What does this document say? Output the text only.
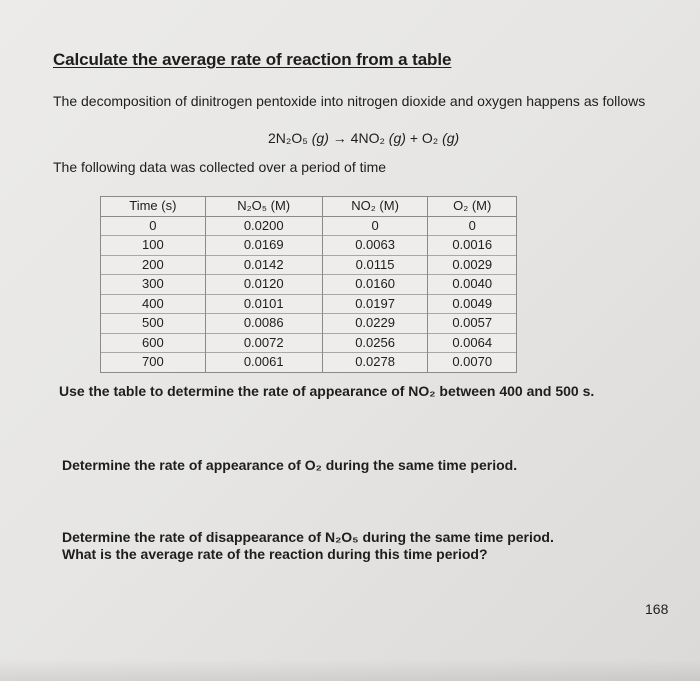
Calculate the average rate of reaction from a table
The decomposition of dinitrogen pentoxide into nitrogen dioxide and oxygen happens as follows
2N₂O₅ (g) → 4NO₂ (g) + O₂ (g)
The following data was collected over a period of time
Time (s)	N₂O₅ (M)	NO₂ (M)	O₂ (M)
0	0.0200	0	0
100	0.0169	0.0063	0.0016
200	0.0142	0.0115	0.0029
300	0.0120	0.0160	0.0040
400	0.0101	0.0197	0.0049
500	0.0086	0.0229	0.0057
600	0.0072	0.0256	0.0064
700	0.0061	0.0278	0.0070
Use the table to determine the rate of appearance of NO₂ between 400 and 500 s.
Determine the rate of appearance of O₂ during the same time period.
Determine the rate of disappearance of N₂O₅ during the same time period.
What is the average rate of the reaction during this time period?
168
